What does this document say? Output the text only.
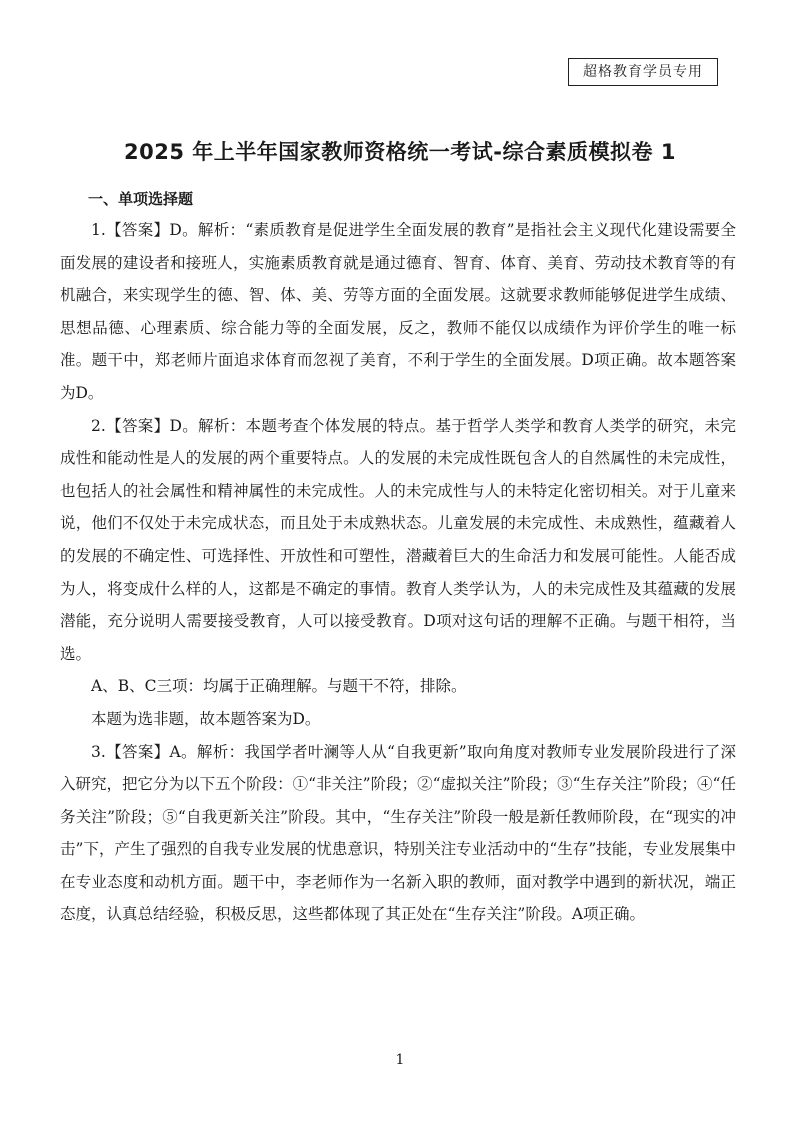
超格教育学员专用
2025 年上半年国家教师资格统一考试-综合素质模拟卷 1
一、单项选择题

1.【答案】D。解析：“素质教育是促进学生全面发展的教育”是指社会主义现代化建设需要全面发展的建设者和接班人，实施素质教育就是通过德育、智育、体育、美育、劳动技术教育等的有机融合，来实现学生的德、智、体、美、劳等方面的全面发展。这就要求教师能够促进学生成绩、思想品德、心理素质、综合能力等的全面发展，反之，教师不能仅以成绩作为评价学生的唯一标准。题干中，郑老师片面追求体育而忽视了美育，不利于学生的全面发展。D项正确。故本题答案为D。

2.【答案】D。解析：本题考查个体发展的特点。基于哲学人类学和教育人类学的研究，未完成性和能动性是人的发展的两个重要特点。人的发展的未完成性既包含人的自然属性的未完成性，也包括人的社会属性和精神属性的未完成性。人的未完成性与人的未特定化密切相关。对于儿童来说，他们不仅处于未完成状态，而且处于未成熟状态。儿童发展的未完成性、未成熟性，蕴藏着人的发展的不确定性、可选择性、开放性和可塑性，潜藏着巨大的生命活力和发展可能性。人能否成为人，将变成什么样的人，这都是不确定的事情。教育人类学认为，人的未完成性及其蕴藏的发展潜能，充分说明人需要接受教育，人可以接受教育。D项对这句话的理解不正确。与题干相符，当选。

A、B、C三项：均属于正确理解。与题干不符，排除。

本题为选非题，故本题答案为D。

3.【答案】A。解析：我国学者叶澜等人从“自我更新”取向角度对教师专业发展阶段进行了深入研究，把它分为以下五个阶段：①“非关注”阶段；②“虚拟关注”阶段；③“生存关注”阶段；④“任务关注”阶段；⑤“自我更新关注”阶段。其中，“生存关注”阶段一般是新任教师阶段，在“现实的冲击”下，产生了强烈的自我专业发展的忧患意识，特别关注专业活动中的“生存”技能，专业发展集中在专业态度和动机方面。题干中，李老师作为一名新入职的教师，面对教学中遇到的新状况，端正态度，认真总结经验，积极反思，这些都体现了其正处在“生存关注”阶段。A项正确。

1
